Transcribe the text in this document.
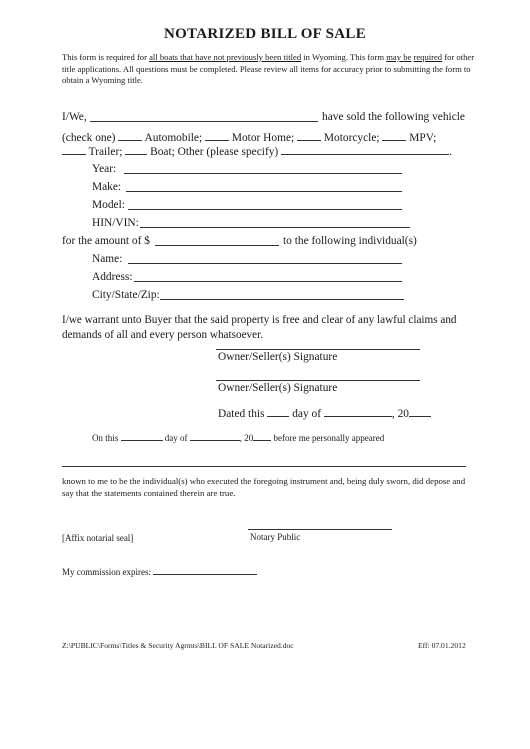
NOTARIZED BILL OF SALE
This form is required for all boats that have not previously been titled in Wyoming. This form may be required for other title applications. All questions must be completed. Please review all items for accuracy prior to submitting the form to obtain a Wyoming title.
I/We,	have sold the following vehicle
(check one)	Automobile;	Motor Home;	Motorcycle;	MPV;
Trailer; Boat; Other (please specify)	.
Year:
Make:
Model:
HIN/VIN:
for the amount of $	to the following individual(s)
Name:
Address:
City/State/Zip:
I/we warrant unto Buyer that the said property is free and clear of any lawful claims and demands of all and every person whatsoever.
Owner/Seller(s) Signature
Owner/Seller(s) Signature
Dated this day of	, 20
On this	day of	, 20 before me personally appeared
known to me to be the individual(s) who executed the foregoing instrument and, being duly sworn, did depose and say that the statements contained therein are true.
[Affix notarial seal]	Notary Public
My commission expires:
Z:\PUBLIC\Forms\Titles & Security Agrmts\BILL OF SALE Notarized.doc	Eff: 07.01.2012
